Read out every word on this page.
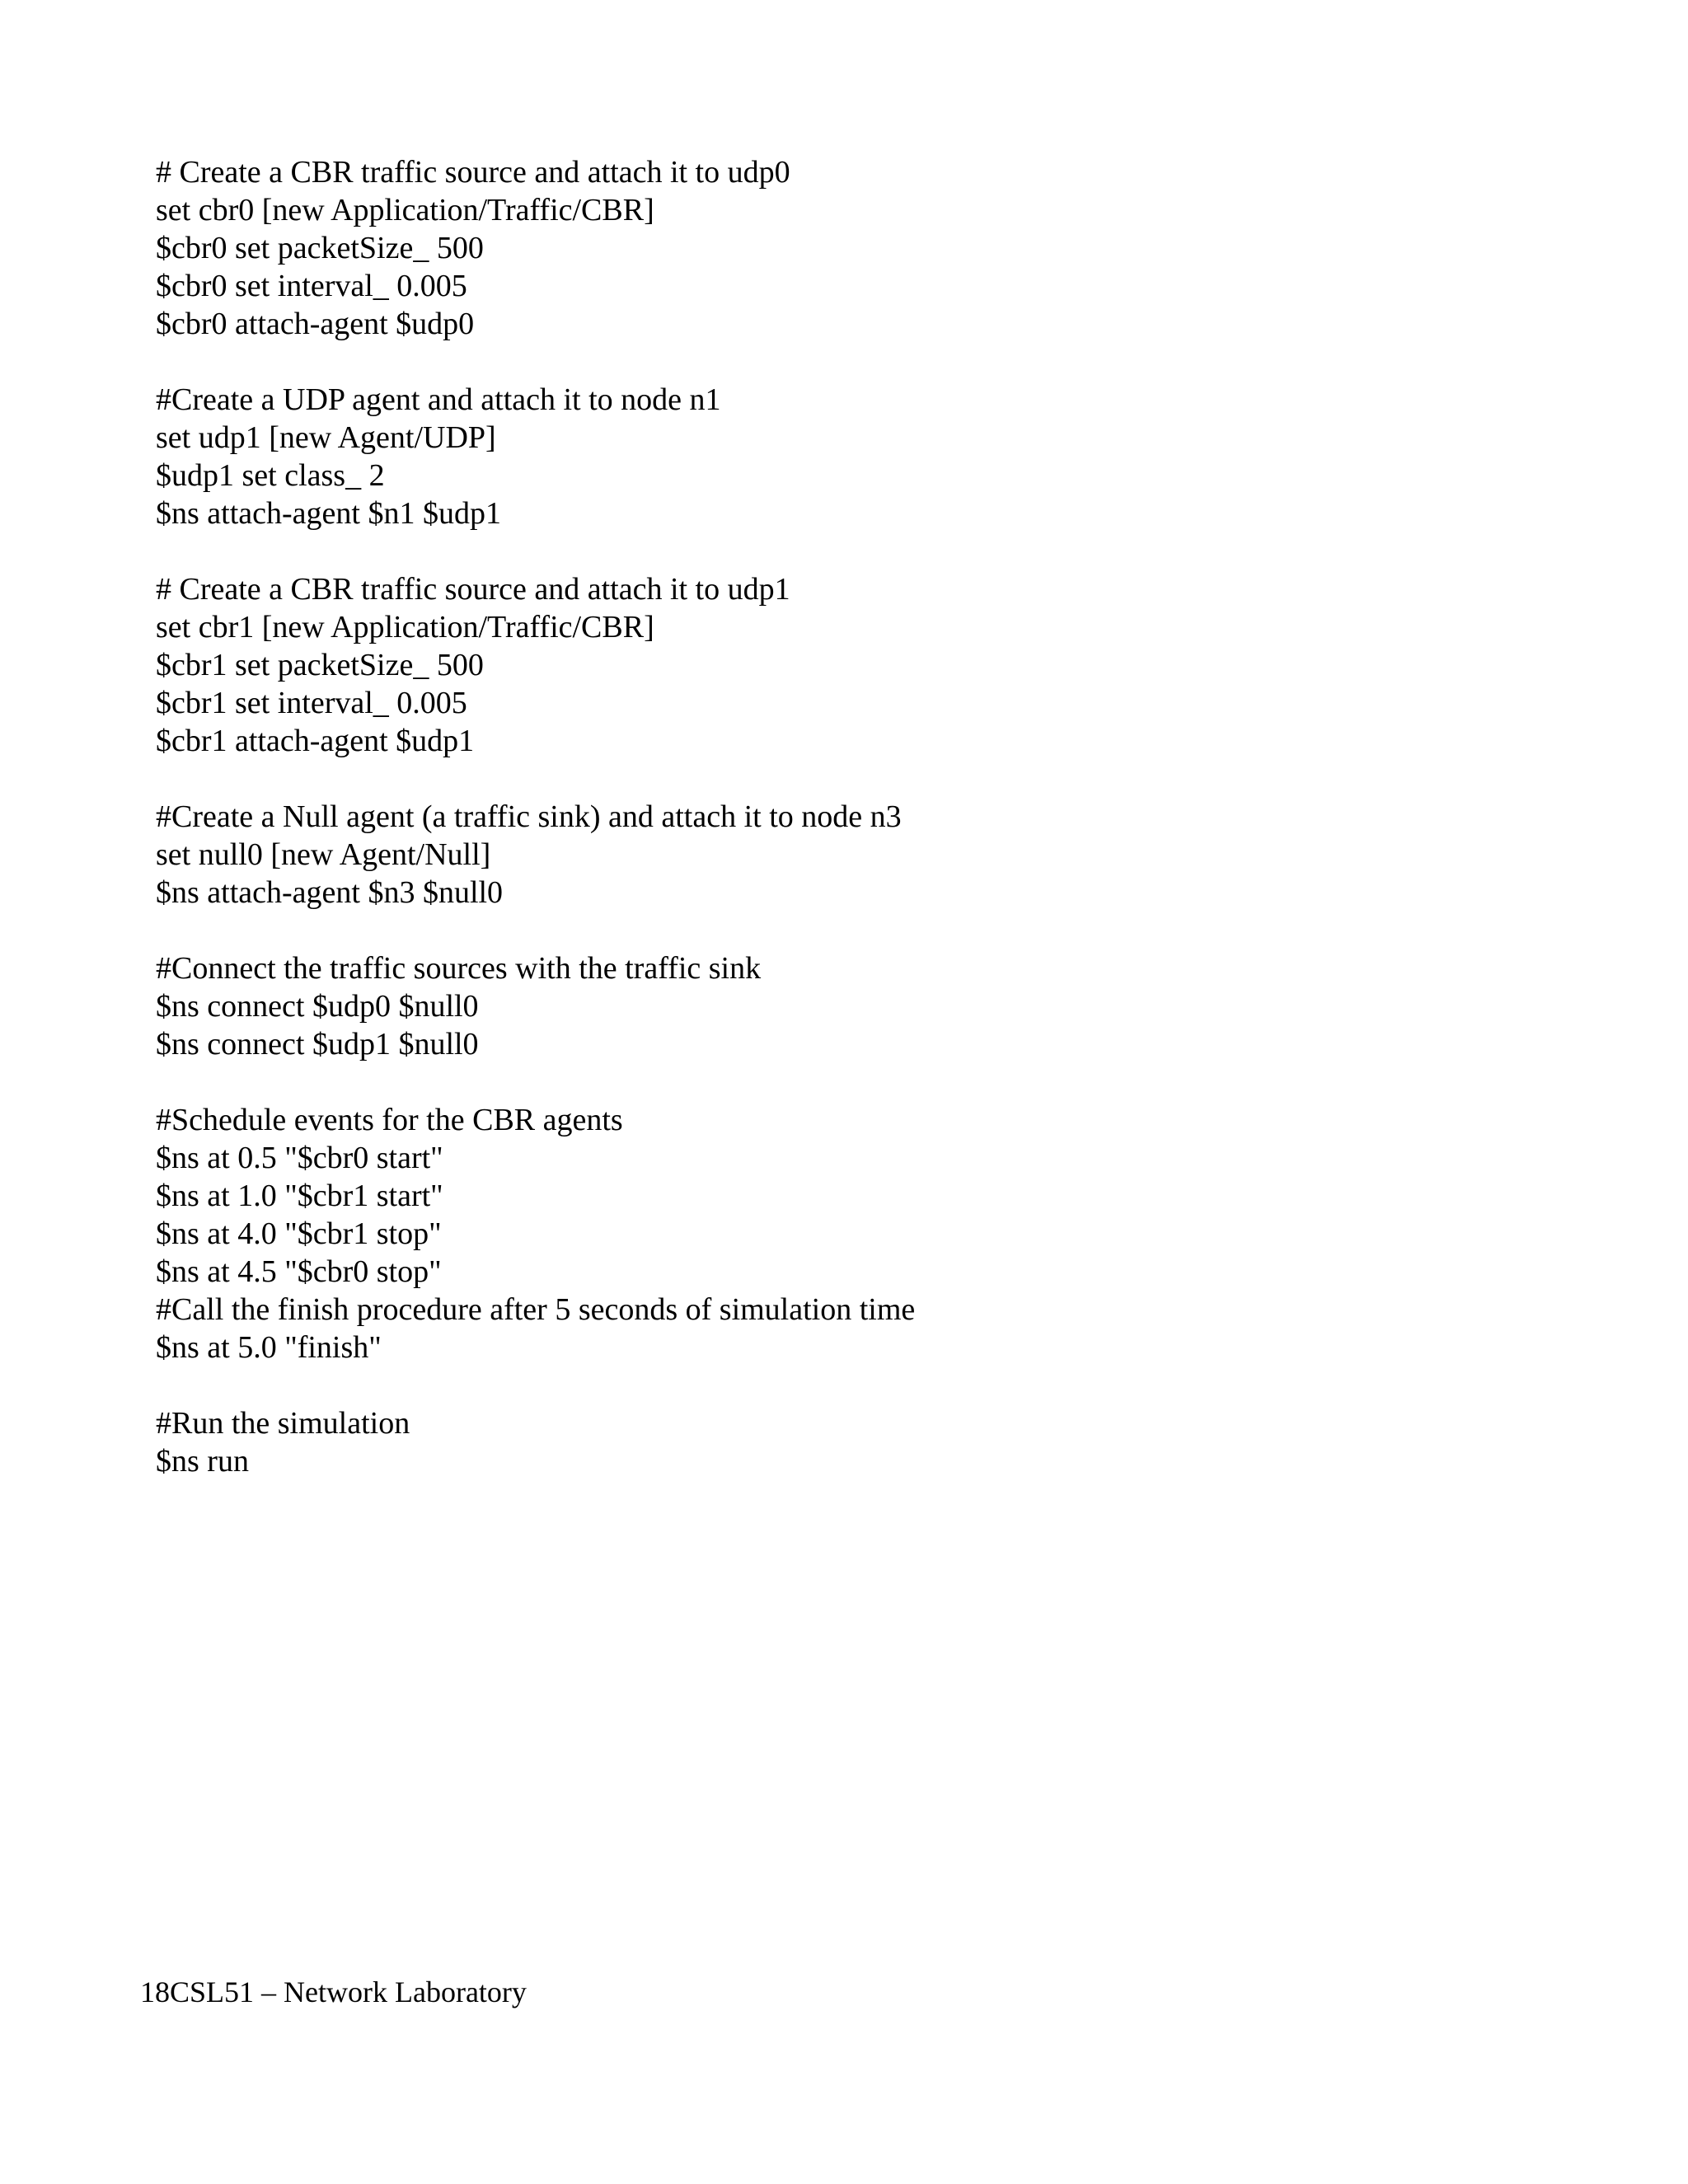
# Create a CBR traffic source and attach it to udp0
set cbr0 [new Application/Traffic/CBR]
$cbr0 set packetSize_ 500
$cbr0 set interval_ 0.005
$cbr0 attach-agent $udp0
#Create a UDP agent and attach it to node n1
set udp1 [new Agent/UDP]
$udp1 set class_ 2
$ns attach-agent $n1 $udp1
# Create a CBR traffic source and attach it to udp1
set cbr1 [new Application/Traffic/CBR]
$cbr1 set packetSize_ 500
$cbr1 set interval_ 0.005
$cbr1 attach-agent $udp1
#Create a Null agent (a traffic sink) and attach it to node n3
set null0 [new Agent/Null]
$ns attach-agent $n3 $null0
#Connect the traffic sources with the traffic sink
$ns connect $udp0 $null0
$ns connect $udp1 $null0
#Schedule events for the CBR agents
$ns at 0.5 "$cbr0 start"
$ns at 1.0 "$cbr1 start"
$ns at 4.0 "$cbr1 stop"
$ns at 4.5 "$cbr0 stop"
#Call the finish procedure after 5 seconds of simulation time
$ns at 5.0 "finish"
#Run the simulation
$ns run
18CSL51 – Network Laboratory
